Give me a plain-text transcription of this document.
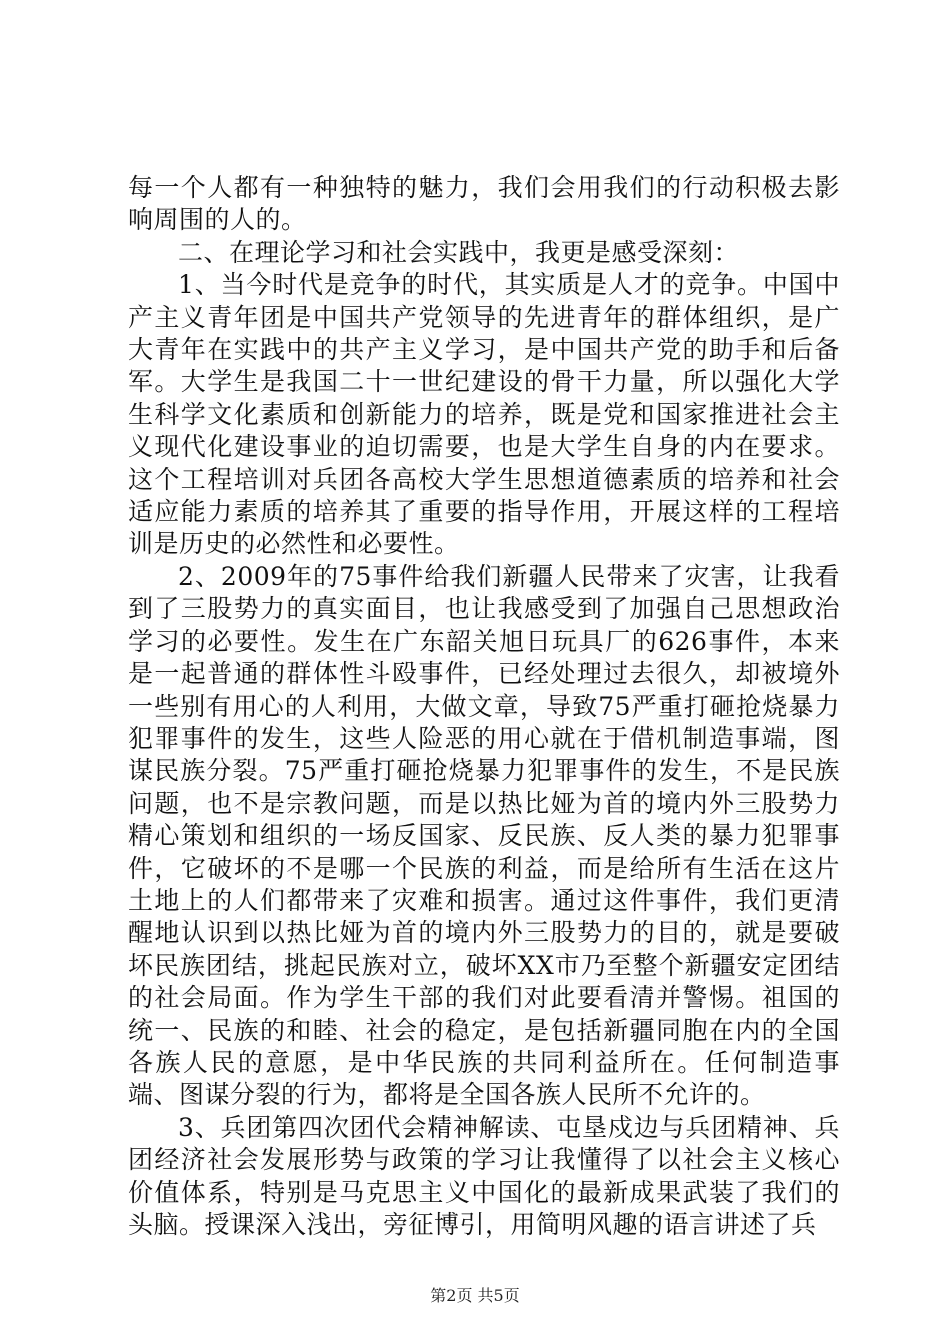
每一个人都有一种独特的魅力，我们会用我们的行动积极去影响周围的人的。

二、在理论学习和社会实践中，我更是感受深刻：

1、当今时代是竞争的时代，其实质是人才的竞争。中国中产主义青年团是中国共产党领导的先进青年的群体组织，是广大青年在实践中的共产主义学习，是中国共产党的助手和后备军。大学生是我国二十一世纪建设的骨干力量，所以强化大学生科学文化素质和创新能力的培养，既是党和国家推进社会主义现代化建设事业的迫切需要，也是大学生自身的内在要求。这个工程培训对兵团各高校大学生思想道德素质的培养和社会适应能力素质的培养其了重要的指导作用，开展这样的工程培训是历史的必然性和必要性。

2、2009年的75事件给我们新疆人民带来了灾害，让我看到了三股势力的真实面目，也让我感受到了加强自己思想政治学习的必要性。发生在广东韶关旭日玩具厂的626事件，本来是一起普通的群体性斗殴事件，已经处理过去很久，却被境外一些别有用心的人利用，大做文章，导致75严重打砸抢烧暴力犯罪事件的发生，这些人险恶的用心就在于借机制造事端，图谋民族分裂。75严重打砸抢烧暴力犯罪事件的发生，不是民族问题，也不是宗教问题，而是以热比娅为首的境内外三股势力精心策划和组织的一场反国家、反民族、反人类的暴力犯罪事件，它破坏的不是哪一个民族的利益，而是给所有生活在这片土地上的人们都带来了灾难和损害。通过这件事件，我们更清醒地认识到以热比娅为首的境内外三股势力的目的，就是要破坏民族团结，挑起民族对立，破坏XX市乃至整个新疆安定团结的社会局面。作为学生干部的我们对此要看清并警惕。祖国的统一、民族的和睦、社会的稳定，是包括新疆同胞在内的全国各族人民的意愿，是中华民族的共同利益所在。任何制造事端、图谋分裂的行为，都将是全国各族人民所不允许的。

3、兵团第四次团代会精神解读、屯垦戍边与兵团精神、兵团经济社会发展形势与政策的学习让我懂得了以社会主义核心价值体系，特别是马克思主义中国化的最新成果武装了我们的头脑。授课深入浅出，旁征博引，用简明风趣的语言讲述了兵

第2页 共5页
